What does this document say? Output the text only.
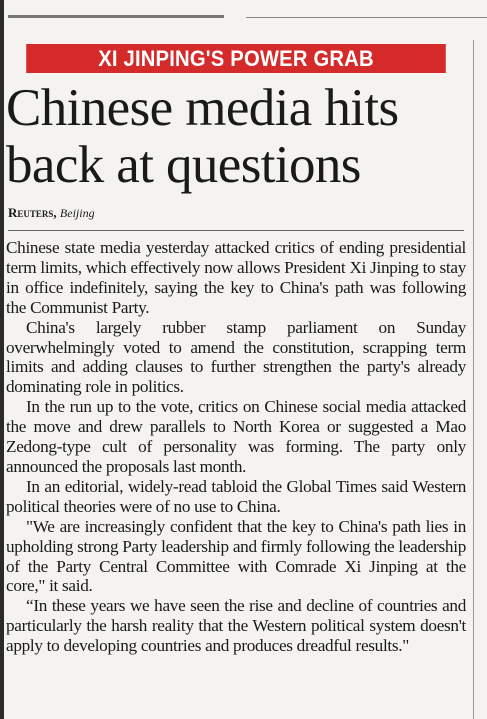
XI JINPING'S POWER GRAB
Chinese media hits back at questions
Reuters, Beijing

Chinese state media yesterday attacked critics of ending presidential term limits, which effectively now allows President Xi Jinping to stay in office indefinitely, saying the key to China's path was following the Communist Party.

China's largely rubber stamp parliament on Sunday overwhelmingly voted to amend the constitution, scrapping term limits and adding clauses to further strengthen the party's already dominating role in politics.

In the run up to the vote, critics on Chinese social media attacked the move and drew parallels to North Korea or suggested a Mao Zedong-type cult of personality was forming. The party only announced the proposals last month.

In an editorial, widely-read tabloid the Global Times said Western political theories were of no use to China.

"We are increasingly confident that the key to China's path lies in upholding strong Party leadership and firmly following the leadership of the Party Central Committee with Comrade Xi Jinping at the core," it said.

“In these years we have seen the rise and decline of countries and particularly the harsh reality that the Western political system doesn't apply to developing countries and produces dreadful results."
